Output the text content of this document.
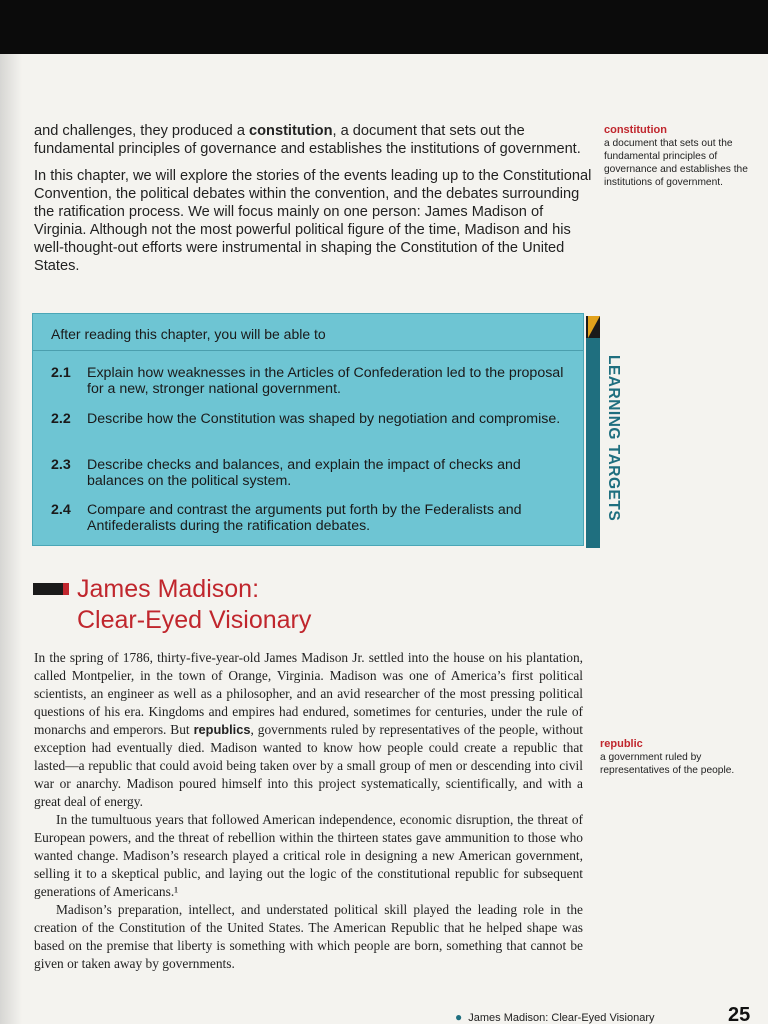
and challenges, they produced a constitution, a document that sets out the fundamental principles of governance and establishes the institutions of government.

In this chapter, we will explore the stories of the events leading up to the Constitutional Convention, the political debates within the convention, and the debates surrounding the ratification process. We will focus mainly on one person: James Madison of Virginia. Although not the most powerful political figure of the time, Madison and his well-thought-out efforts were instrumental in shaping the Constitution of the United States.

constitution
a document that sets out the fundamental principles of governance and establishes the institutions of government.
After reading this chapter, you will be able to
2.1	Explain how weaknesses in the Articles of Confederation led to the proposal for a new, stronger national government.
2.2	Describe how the Constitution was shaped by negotiation and compromise.
2.3	Describe checks and balances, and explain the impact of checks and balances on the political system.
2.4	Compare and contrast the arguments put forth by the Federalists and Antifederalists during the ratification debates.
LEARNING TARGETS
James Madison:
Clear-Eyed Visionary

In the spring of 1786, thirty-five-year-old James Madison Jr. settled into the house on his plantation, called Montpelier, in the town of Orange, Virginia. Madison was one of America’s first political scientists, an engineer as well as a philosopher, and an avid researcher of the most pressing political questions of his era. Kingdoms and empires had endured, sometimes for centuries, under the rule of monarchs and emperors. But republics, governments ruled by representatives of the people, without exception had eventually died. Madison wanted to know how people could create a republic that lasted—a republic that could avoid being taken over by a small group of men or descending into civil war or anarchy. Madison poured himself into this project systematically, scientifically, and with a great deal of energy.

In the tumultuous years that followed American independence, economic disruption, the threat of European powers, and the threat of rebellion within the thirteen states gave ammunition to those who wanted change. Madison’s research played a critical role in designing a new American government, selling it to a skeptical public, and laying out the logic of the constitutional republic for subsequent generations of Americans.¹

Madison’s preparation, intellect, and understated political skill played the leading role in the creation of the Constitution of the United States. The American Republic that he helped shape was based on the premise that liberty is something with which people are born, something that cannot be given or taken away by governments.

republic
a government ruled by representatives of the people.
● James Madison: Clear-Eyed Visionary	25
